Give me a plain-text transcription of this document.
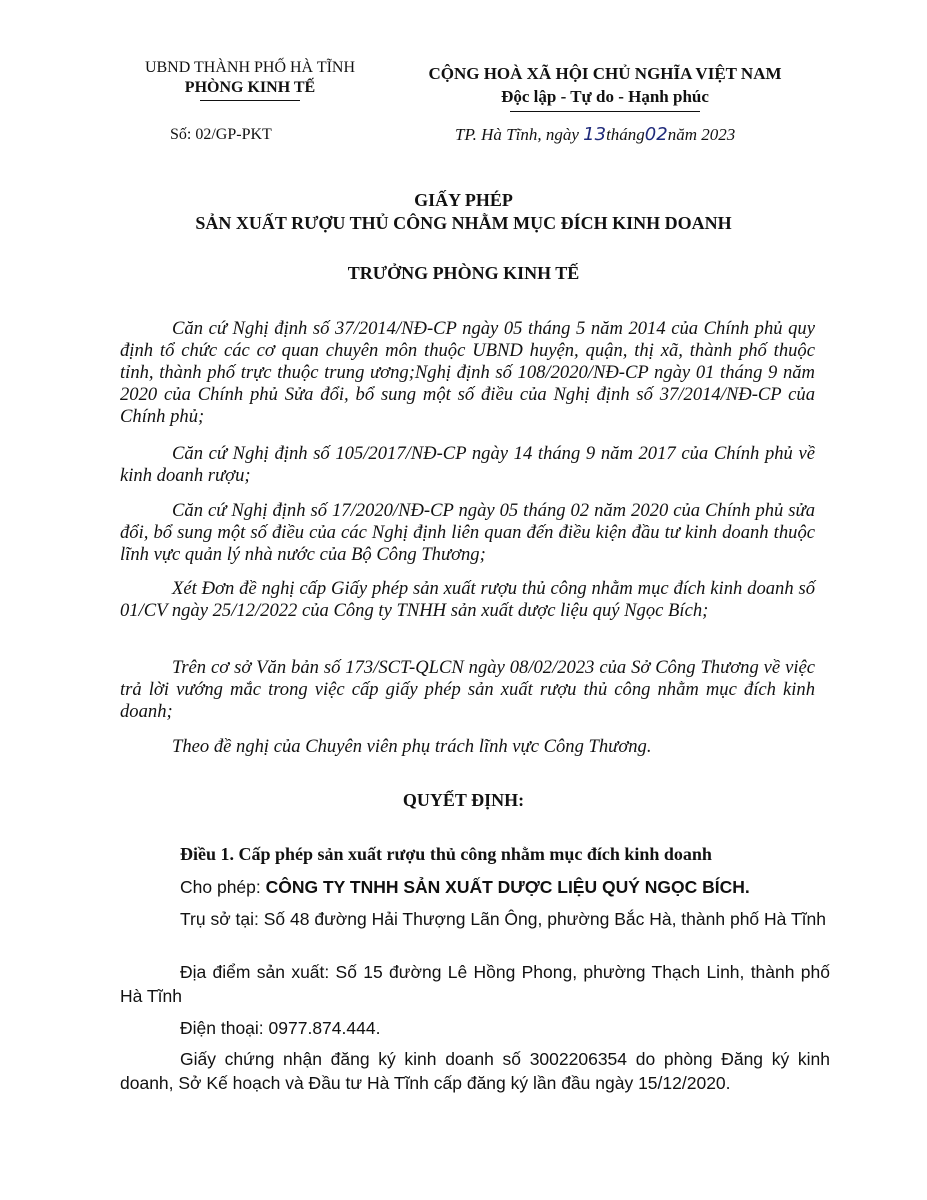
UBND THÀNH PHỐ HÀ TĨNH
PHÒNG KINH TẾ
CỘNG HOÀ XÃ HỘI CHỦ NGHĨA VIỆT NAM
Độc lập - Tự do - Hạnh phúc
Số: 02/GP-PKT	TP. Hà Tĩnh, ngày 13tháng02năm 2023
GIẤY PHÉP
SẢN XUẤT RƯỢU THỦ CÔNG NHẰM MỤC ĐÍCH KINH DOANH
TRƯỞNG PHÒNG KINH TẾ

Căn cứ Nghị định số 37/2014/NĐ-CP ngày 05 tháng 5 năm 2014 của Chính phủ quy định tổ chức các cơ quan chuyên môn thuộc UBND huyện, quận, thị xã, thành phố thuộc tỉnh, thành phố trực thuộc trung ương;Nghị định số 108/2020/NĐ-CP ngày 01 tháng 9 năm 2020 của Chính phủ Sửa đổi, bổ sung một số điều của Nghị định số 37/2014/NĐ-CP của Chính phủ;

Căn cứ Nghị định số 105/2017/NĐ-CP ngày 14 tháng 9 năm 2017 của Chính phủ về kinh doanh rượu;

Căn cứ Nghị định số 17/2020/NĐ-CP ngày 05 tháng 02 năm 2020 của Chính phủ sửa đổi, bổ sung một số điều của các Nghị định liên quan đến điều kiện đầu tư kinh doanh thuộc lĩnh vực quản lý nhà nước của Bộ Công Thương;

Xét Đơn đề nghị cấp Giấy phép sản xuất rượu thủ công nhằm mục đích kinh doanh số 01/CV ngày 25/12/2022 của Công ty TNHH sản xuất dược liệu quý Ngọc Bích;

Trên cơ sở Văn bản số 173/SCT-QLCN ngày 08/02/2023 của Sở Công Thương về việc trả lời vướng mắc trong việc cấp giấy phép sản xuất rượu thủ công nhằm mục đích kinh doanh;

Theo đề nghị của Chuyên viên phụ trách lĩnh vực Công Thương.

QUYẾT ĐỊNH:
Điều 1. Cấp phép sản xuất rượu thủ công nhằm mục đích kinh doanh

Cho phép: CÔNG TY TNHH SẢN XUẤT DƯỢC LIỆU QUÝ NGỌC BÍCH.

Trụ sở tại: Số 48 đường Hải Thượng Lãn Ông, phường Bắc Hà, thành phố Hà Tĩnh

Địa điểm sản xuất: Số 15 đường Lê Hồng Phong, phường Thạch Linh, thành phố Hà Tĩnh

Điện thoại: 0977.874.444.

Giấy chứng nhận đăng ký kinh doanh số 3002206354 do phòng Đăng ký kinh doanh, Sở Kế hoạch và Đầu tư Hà Tĩnh cấp đăng ký lần đầu ngày 15/12/2020.
